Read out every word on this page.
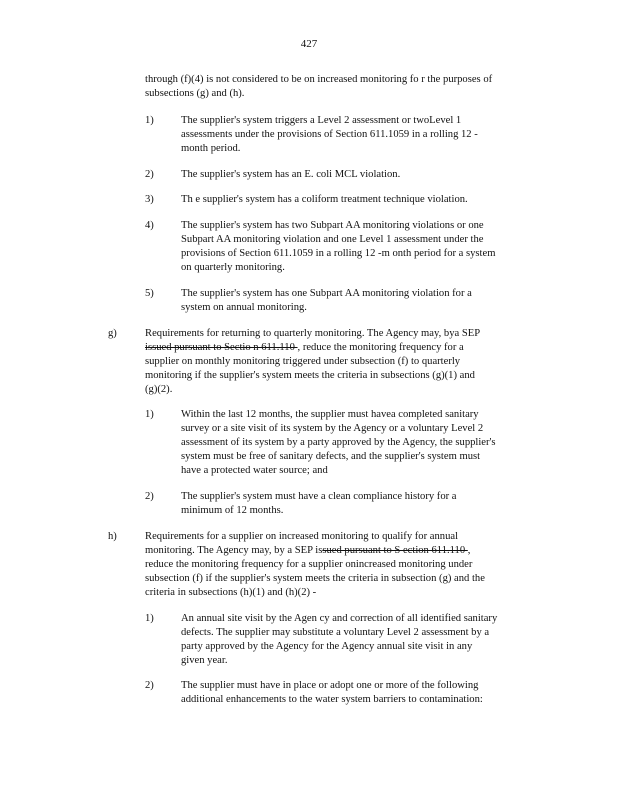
427
through (f)(4) is not considered to be on increased monitoring fo r the purposes of
subsections (g) and (h).
1)	The supplier's system triggers a Level 2 assessment or twoLevel 1
assessments under the provisions of Section 611.1059 in a rolling 12 -
month period.
2)	The supplier's system has an E. coli MCL violation.
3)	Th e supplier's system has a coliform treatment technique violation.
4)	The supplier's system has two Subpart AA monitoring violations or one
Subpart AA monitoring violation and one Level 1 assessment under the
provisions of Section 611.1059 in a rolling 12 -m onth period for a system
on quarterly monitoring.
5)	The supplier's system has one Subpart AA monitoring violation for a
system on annual monitoring.
g)	Requirements for returning to quarterly monitoring. The Agency may, bya SEP
issued pursuant to Sectio n 611.110 , reduce the monitoring frequency for a
supplier on monthly monitoring triggered under subsection (f) to quarterly
monitoring if the supplier's system meets the criteria in subsections (g)(1) and
(g)(2).
1)	Within the last 12 months, the supplier must havea completed sanitary
survey or a site visit of its system by the Agency or a voluntary Level 2
assessment of its system by a party approved by the Agency, the supplier's
system must be free of sanitary defects, and the supplier's system must
have a protected water source; and
2)	The supplier's system must have a clean compliance history for a
minimum of 12 months.
h)	Requirements for a supplier on increased monitoring to qualify for annual
monitoring. The Agency may, by a SEP issued pursuant to S ection 611.110 ,
reduce the monitoring frequency for a supplier onincreased monitoring under
subsection (f) if the supplier's system meets the criteria in subsection (g) and the
criteria in subsections (h)(1) and (h)(2) -
1)	An annual site visit by the Agen cy and correction of all identified sanitary
defects. The supplier may substitute a voluntary Level 2 assessment by a
party approved by the Agency for the Agency annual site visit in any
given year.
2)	The supplier must have in place or adopt one or more of the following
additional enhancements to the water system barriers to contamination:
